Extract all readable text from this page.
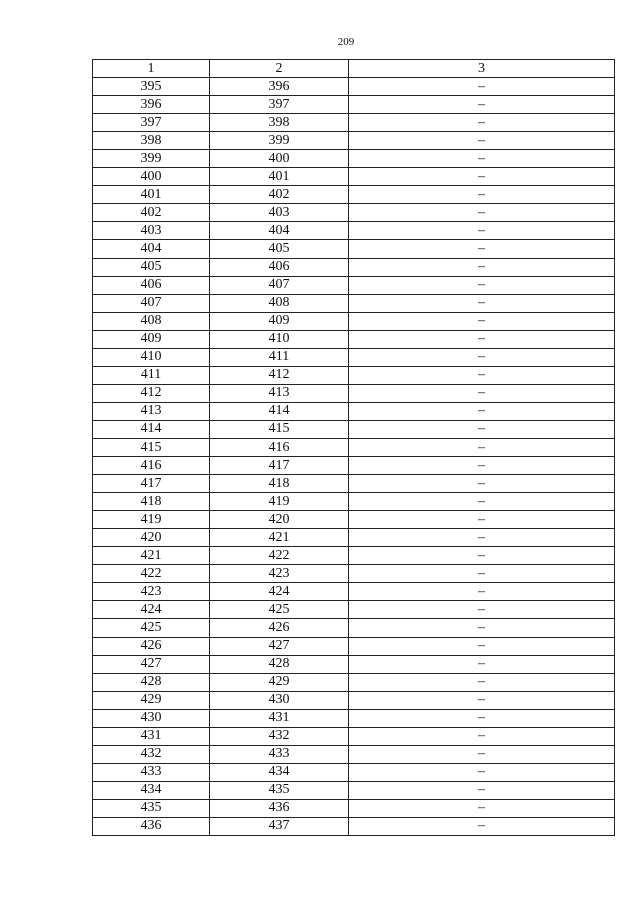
209
1	2	3
395	396	–
396	397	–
397	398	–
398	399	–
399	400	–
400	401	–
401	402	–
402	403	–
403	404	–
404	405	–
405	406	–
406	407	–
407	408	–
408	409	–
409	410	–
410	411	–
411	412	–
412	413	–
413	414	–
414	415	–
415	416	–
416	417	–
417	418	–
418	419	–
419	420	–
420	421	–
421	422	–
422	423	–
423	424	–
424	425	–
425	426	–
426	427	–
427	428	–
428	429	–
429	430	–
430	431	–
431	432	–
432	433	–
433	434	–
434	435	–
435	436	–
436	437	–
